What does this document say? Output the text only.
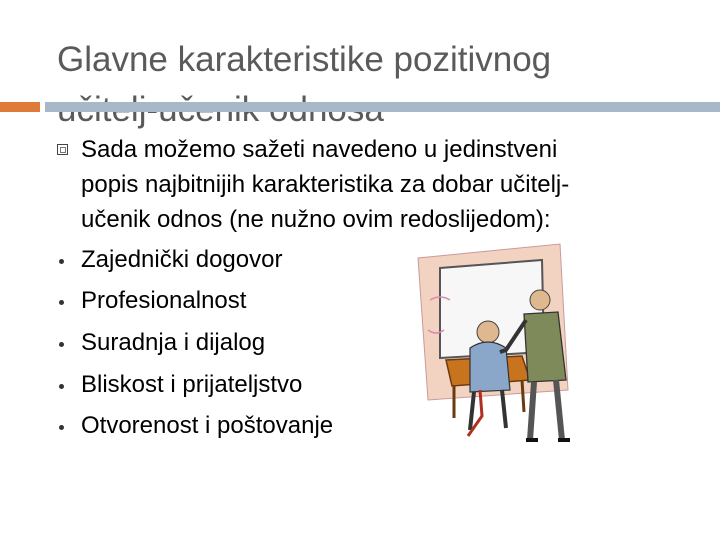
Glavne karakteristike pozitivnog
Sada možemo sažeti navedeno u jedinstveni
popis najbitnijih karakteristika za dobar učitelj-
učenik odnos (ne nužno ovim redoslijedom):
Zajednički dogovor
Profesionalnost
Suradnja i dijalog
Bliskost i prijateljstvo
Otvorenost i poštovanje
